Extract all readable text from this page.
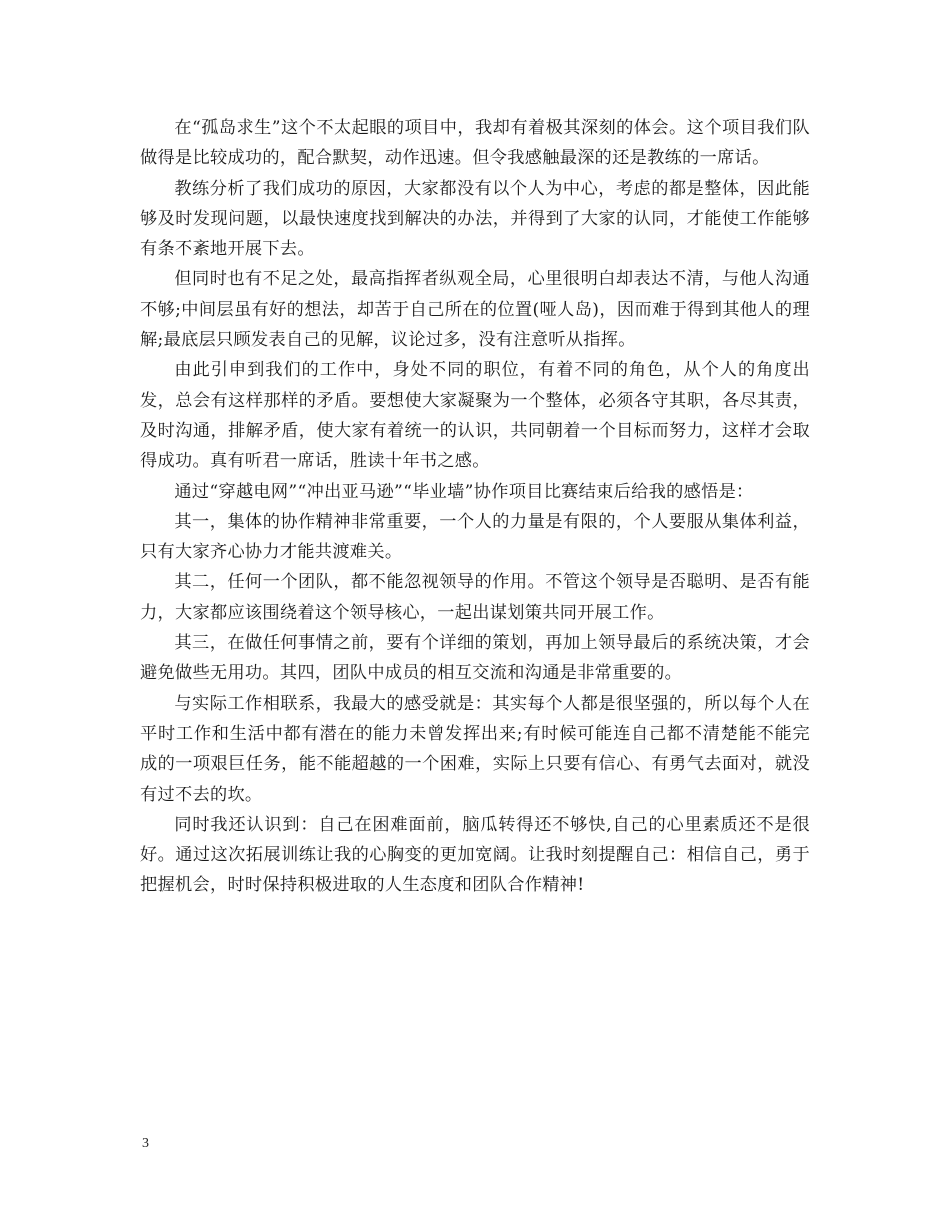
在“孤岛求生”这个不太起眼的项目中，我却有着极其深刻的体会。这个项目我们队做得是比较成功的，配合默契，动作迅速。但令我感触最深的还是教练的一席话。

教练分析了我们成功的原因，大家都没有以个人为中心，考虑的都是整体，因此能够及时发现问题，以最快速度找到解决的办法，并得到了大家的认同，才能使工作能够有条不紊地开展下去。

但同时也有不足之处，最高指挥者纵观全局，心里很明白却表达不清，与他人沟通不够;中间层虽有好的想法，却苦于自己所在的位置(哑人岛)，因而难于得到其他人的理解;最底层只顾发表自己的见解，议论过多，没有注意听从指挥。

由此引申到我们的工作中，身处不同的职位，有着不同的角色，从个人的角度出发，总会有这样那样的矛盾。要想使大家凝聚为一个整体，必须各守其职，各尽其责，及时沟通，排解矛盾，使大家有着统一的认识，共同朝着一个目标而努力，这样才会取得成功。真有听君一席话，胜读十年书之感。

通过“穿越电网”“冲出亚马逊”“毕业墙”协作项目比赛结束后给我的感悟是：

其一，集体的协作精神非常重要，一个人的力量是有限的，个人要服从集体利益，只有大家齐心协力才能共渡难关。

其二，任何一个团队，都不能忽视领导的作用。不管这个领导是否聪明、是否有能力，大家都应该围绕着这个领导核心，一起出谋划策共同开展工作。

其三，在做任何事情之前，要有个详细的策划，再加上领导最后的系统决策，才会避免做些无用功。其四，团队中成员的相互交流和沟通是非常重要的。

与实际工作相联系，我最大的感受就是：其实每个人都是很坚强的，所以每个人在平时工作和生活中都有潜在的能力未曾发挥出来;有时候可能连自己都不清楚能不能完成的一项艰巨任务，能不能超越的一个困难，实际上只要有信心、有勇气去面对，就没有过不去的坎。

同时我还认识到：自己在困难面前，脑瓜转得还不够快,自己的心里素质还不是很好。通过这次拓展训练让我的心胸变的更加宽阔。让我时刻提醒自己：相信自己，勇于把握机会，时时保持积极进取的人生态度和团队合作精神!

3
